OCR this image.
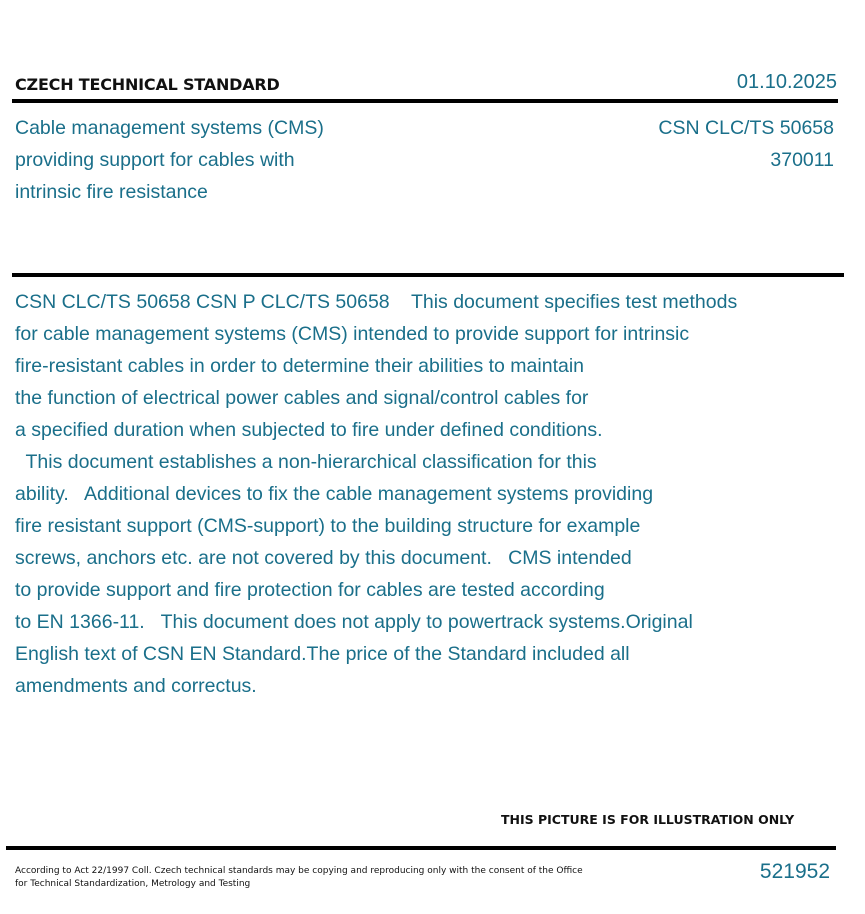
CZECH TECHNICAL STANDARD	01.10.2025
Cable management systems (CMS)
providing support for cables with
intrinsic fire resistance
CSN CLC/TS 50658
370011
CSN CLC/TS 50658 CSN P CLC/TS 50658    This document specifies test methods
for cable management systems (CMS) intended to provide support for intrinsic
fire-resistant cables in order to determine their abilities to maintain
the function of electrical power cables and signal/control cables for
a specified duration when subjected to fire under defined conditions.
This document establishes a non-hierarchical classification for this
ability.   Additional devices to fix the cable management systems providing
fire resistant support (CMS-support) to the building structure for example
screws, anchors etc. are not covered by this document.   CMS intended
to provide support and fire protection for cables are tested according
to EN 1366-11.   This document does not apply to powertrack systems.Original
English text of CSN EN Standard.The price of the Standard included all
amendments and correctus.
THIS PICTURE IS FOR ILLUSTRATION ONLY
According to Act 22/1997 Coll. Czech technical standards may be copying and reproducing only with the consent of the Office
for Technical Standardization, Metrology and Testing
521952
